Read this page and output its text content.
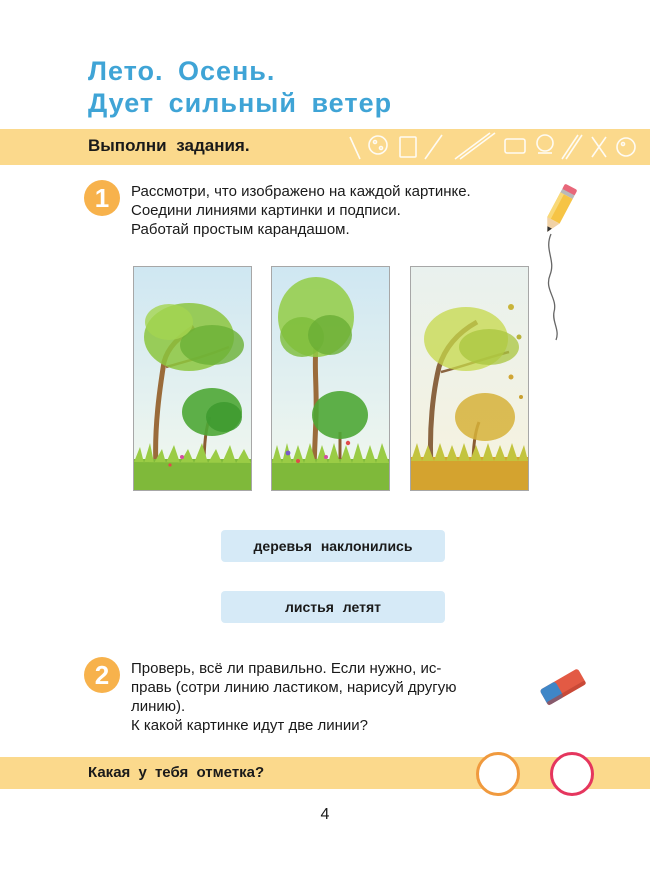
Лето. Осень.
Дует сильный ветер
Выполни задания.
1	Рассмотри, что изображено на каждой картинке.
Соедини линиями картинки и подписи.
Работай простым карандашом.
деревья наклонились
листья летят
2	Проверь, всё ли правильно. Если нужно, ис-
правь (сотри линию ластиком, нарисуй другую
линию).
К какой картинке идут две линии?
Какая у тебя отметка?
4
